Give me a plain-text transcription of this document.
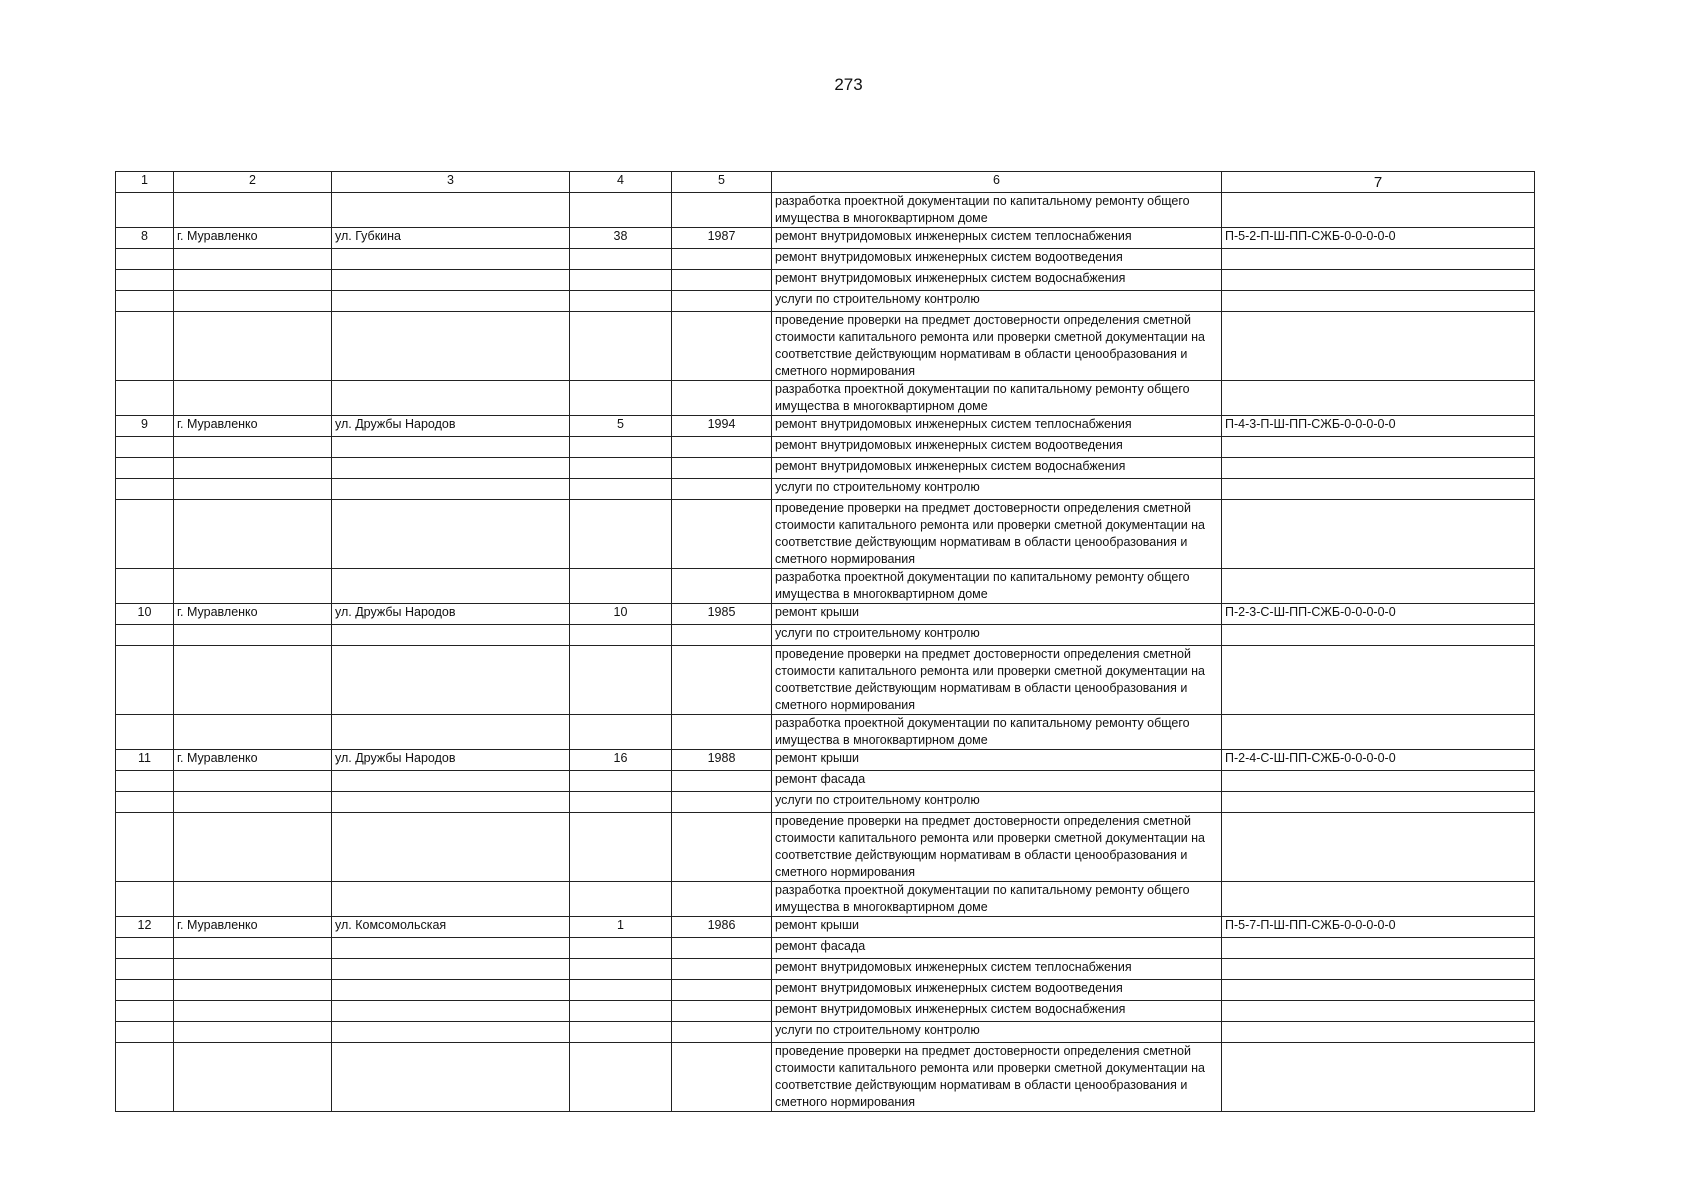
273
1	2	3	4	5	6	7
					разработка проектной документации по капитальному ремонту общего имущества в многоквартирном доме	
8	г. Муравленко	ул. Губкина	38	1987	ремонт внутридомовых инженерных систем теплоснабжения	П-5-2-П-Ш-ПП-СЖБ-0-0-0-0-0
					ремонт внутридомовых инженерных систем водоотведения	
					ремонт внутридомовых инженерных систем водоснабжения	
					услуги по строительному контролю	
					проведение проверки на предмет достоверности определения сметной стоимости капитального ремонта или проверки сметной документации на соответствие действующим нормативам в области ценообразования и сметного нормирования	
					разработка проектной документации по капитальному ремонту общего имущества в многоквартирном доме	
9	г. Муравленко	ул. Дружбы Народов	5	1994	ремонт внутридомовых инженерных систем теплоснабжения	П-4-3-П-Ш-ПП-СЖБ-0-0-0-0-0
					ремонт внутридомовых инженерных систем водоотведения	
					ремонт внутридомовых инженерных систем водоснабжения	
					услуги по строительному контролю	
					проведение проверки на предмет достоверности определения сметной стоимости капитального ремонта или проверки сметной документации на соответствие действующим нормативам в области ценообразования и сметного нормирования	
					разработка проектной документации по капитальному ремонту общего имущества в многоквартирном доме	
10	г. Муравленко	ул. Дружбы Народов	10	1985	ремонт крыши	П-2-3-С-Ш-ПП-СЖБ-0-0-0-0-0
					услуги по строительному контролю	
					проведение проверки на предмет достоверности определения сметной стоимости капитального ремонта или проверки сметной документации на соответствие действующим нормативам в области ценообразования и сметного нормирования	
					разработка проектной документации по капитальному ремонту общего имущества в многоквартирном доме	
11	г. Муравленко	ул. Дружбы Народов	16	1988	ремонт крыши	П-2-4-С-Ш-ПП-СЖБ-0-0-0-0-0
					ремонт фасада	
					услуги по строительному контролю	
					проведение проверки на предмет достоверности определения сметной стоимости капитального ремонта или проверки сметной документации на соответствие действующим нормативам в области ценообразования и сметного нормирования	
					разработка проектной документации по капитальному ремонту общего имущества в многоквартирном доме	
12	г. Муравленко	ул. Комсомольская	1	1986	ремонт крыши	П-5-7-П-Ш-ПП-СЖБ-0-0-0-0-0
					ремонт фасада	
					ремонт внутридомовых инженерных систем теплоснабжения	
					ремонт внутридомовых инженерных систем водоотведения	
					ремонт внутридомовых инженерных систем водоснабжения	
					услуги по строительному контролю	
					проведение проверки на предмет достоверности определения сметной стоимости капитального ремонта или проверки сметной документации на соответствие действующим нормативам в области ценообразования и сметного нормирования	
